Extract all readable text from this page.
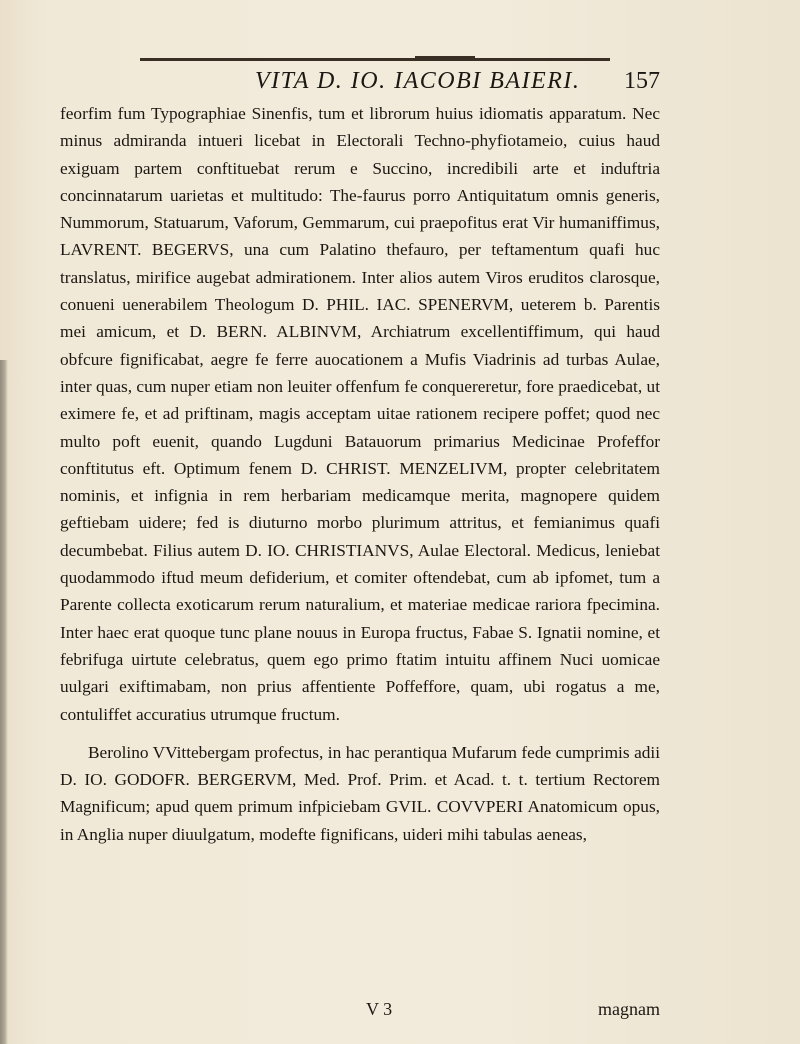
VITA D. IO. IACOBI BAIERI. 157

feorfim fum Typographiae Sinenfis, tum et librorum huius idiomatis apparatum. Nec minus admiranda intueri licebat in Electorali Techno-phyfiotameio, cuius haud exiguam partem conftituebat rerum e Succino, incredibili arte et induftria concinnatarum uarietas et multitudo: The-faurus porro Antiquitatum omnis generis, Nummorum, Statuarum, Vaforum, Gemmarum, cui praepofitus erat Vir humaniffimus, LAVRENT. BEGERVS, una cum Palatino thefauro, per teftamentum quafi huc translatus, mirifice augebat admirationem. Inter alios autem Viros eruditos clarosque, conueni uenerabilem Theologum D. PHIL. IAC. SPENERVM, ueterem b. Parentis mei amicum, et D. BERN. ALBINVM, Archiatrum excellentiffimum, qui haud obfcure fignificabat, aegre fe ferre auocationem a Mufis Viadrinis ad turbas Aulae, inter quas, cum nuper etiam non leuiter offenfum fe conquereretur, fore praedicebat, ut eximere fe, et ad priftinam, magis acceptam uitae rationem recipere poffet; quod nec multo poft euenit, quando Lugduni Batauorum primarius Medicinae Profeffor conftitutus eft. Optimum fenem D. CHRIST. MENZELIVM, propter celebritatem nominis, et infignia in rem herbariam medicamque merita, magnopere quidem geftiebam uidere; fed is diuturno morbo plurimum attritus, et femianimus quafi decumbebat. Filius autem D. IO. CHRISTIANVS, Aulae Electoral. Medicus, leniebat quodammodo iftud meum defiderium, et comiter oftendebat, cum ab ipfomet, tum a Parente collecta exoticarum rerum naturalium, et materiae medicae rariora fpecimina. Inter haec erat quoque tunc plane nouus in Europa fructus, Fabae S. Ignatii nomine, et febrifuga uirtute celebratus, quem ego primo ftatim intuitu affinem Nuci uomicae uulgari exiftimabam, non prius affentiente Poffeffore, quam, ubi rogatus a me, contuliffet accuratius utrumque fructum.

Berolino VVittebergam profectus, in hac perantiqua Mufarum fede cumprimis adii D. IO. GODOFR. BERGERVM, Med. Prof. Prim. et Acad. t. t. tertium Rectorem Magnificum; apud quem primum infpiciebam GVIL. COVVPERI Anatomicum opus, in Anglia nuper diuulgatum, modefte fignificans, uideri mihi tabulas aeneas,

V 3	magnam
